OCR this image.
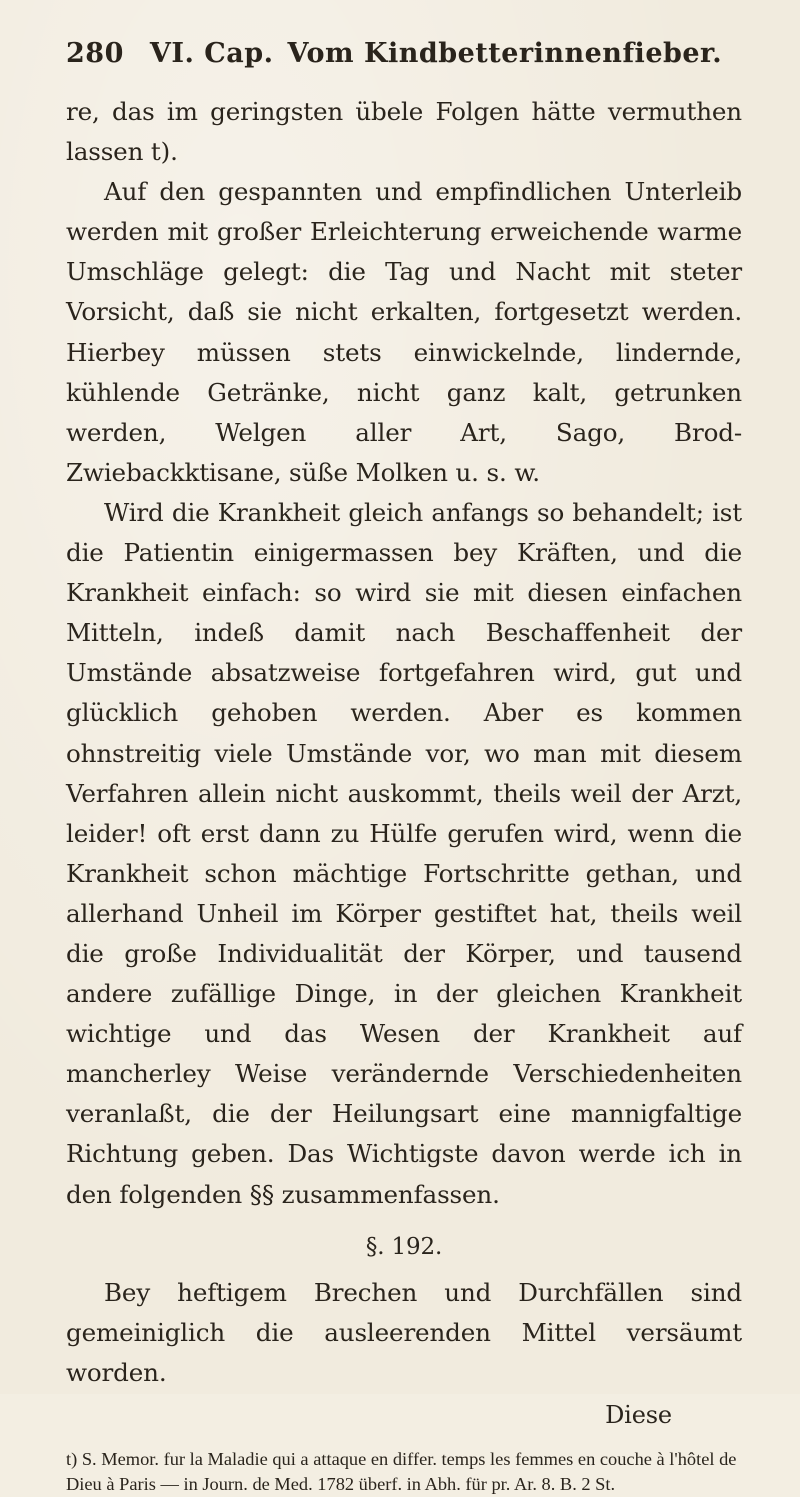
280 VI. Cap. Vom Kindbetterinnenfieber.

re, das im geringsten übele Folgen hätte vermuthen lassen t).

Auf den gespannten und empfindlichen Unterleib werden mit großer Erleichterung erweichende warme Umschläge gelegt: die Tag und Nacht mit steter Vorsicht, daß sie nicht erkalten, fortgesetzt werden. Hierbey müssen stets einwickelnde, lindernde, kühlende Getränke, nicht ganz kalt, getrunken werden, Welgen aller Art, Sago, Brod- Zwiebackktisane, süße Molken u. s. w.

Wird die Krankheit gleich anfangs so behandelt; ist die Patientin einigermassen bey Kräften, und die Krankheit einfach: so wird sie mit diesen einfachen Mitteln, indeß damit nach Beschaffenheit der Umstände absatzweise fortgefahren wird, gut und glücklich gehoben werden. Aber es kommen ohnstreitig viele Umstände vor, wo man mit diesem Verfahren allein nicht auskommt, theils weil der Arzt, leider! oft erst dann zu Hülfe gerufen wird, wenn die Krankheit schon mächtige Fortschritte gethan, und allerhand Unheil im Körper gestiftet hat, theils weil die große Individualität der Körper, und tausend andere zufällige Dinge, in der gleichen Krankheit wichtige und das Wesen der Krankheit auf mancherley Weise verändernde Verschiedenheiten veranlaßt, die der Heilungsart eine mannigfaltige Richtung geben. Das Wichtigste davon werde ich in den folgenden §§ zusammenfassen.

§. 192.

Bey heftigem Brechen und Durchfällen sind gemeiniglich die ausleerenden Mittel versäumt worden.

Diese
t) S. Memor. fur la Maladie qui a attaque en differ. temps les femmes en couche à l'hôtel de Dieu à Paris — in Journ. de Med. 1782 überf. in Abh. für pr. Ar. 8. B. 2 St.
